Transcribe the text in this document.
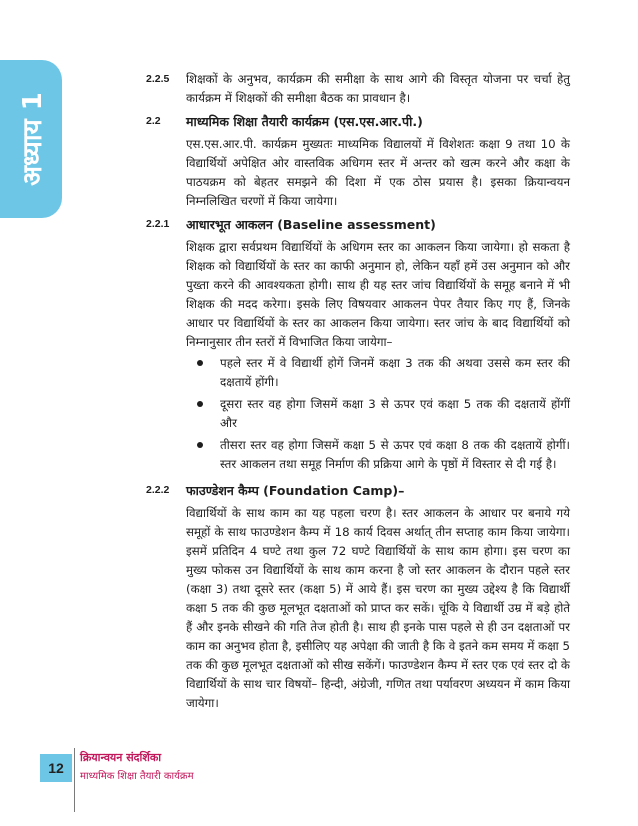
अध्याय 1
2.2.5 शिक्षकों के अनुभव, कार्यक्रम की समीक्षा के साथ आगे की विस्तृत योजना पर चर्चा हेतु कार्यक्रम में शिक्षकों की समीक्षा बैठक का प्रावधान है।

2.2 माध्यमिक शिक्षा तैयारी कार्यक्रम (एस.एस.आर.पी.)

एस.एस.आर.पी. कार्यक्रम मुख्यतः माध्यमिक विद्यालयों में विशेशतः कक्षा 9 तथा 10 के विद्यार्थियों अपेक्षित ओर वास्तविक अधिगम स्तर में अन्तर को खत्म करने और कक्षा के पाठयक्रम को बेहतर समझने की दिशा में एक ठोस प्रयास है। इसका क्रियान्वयन निम्नलिखित चरणों में किया जायेगा।

2.2.1 आधारभूत आकलन (Baseline assessment)

शिक्षक द्वारा सर्वप्रथम विद्यार्थियों के अधिगम स्तर का आकलन किया जायेगा। हो सकता है शिक्षक को विद्यार्थियों के स्तर का काफी अनुमान हो, लेकिन यहाँ हमें उस अनुमान को और पुख्ता करने की आवश्यकता होगी। साथ ही यह स्तर जांच विद्यार्थियों के समूह बनाने में भी शिक्षक की मदद करेगा। इसके लिए विषयवार आकलन पेपर तैयार किए गए हैं, जिनके आधार पर विद्यार्थियों के स्तर का आकलन किया जायेगा। स्तर जांच के बाद विद्यार्थियों को निम्नानुसार तीन स्तरों में विभाजित किया जायेगा–

पहले स्तर में वे विद्यार्थी होगें जिनमें कक्षा 3 तक की अथवा उससे कम स्तर की दक्षतायें होंगी।
दूसरा स्तर वह होगा जिसमें कक्षा 3 से ऊपर एवं कक्षा 5 तक की दक्षतायें होंगीं और
तीसरा स्तर वह होगा जिसमें कक्षा 5 से ऊपर एवं कक्षा 8 तक की दक्षतायें होगीं। स्तर आकलन तथा समूह निर्माण की प्रक्रिया आगे के पृष्ठों में विस्तार से दी गई है।
2.2.2 फाउण्डेशन कैम्प (Foundation Camp)–

विद्यार्थियों के साथ काम का यह पहला चरण है। स्तर आकलन के आधार पर बनाये गये समूहों के साथ फाउण्डेशन कैम्प में 18 कार्य दिवस अर्थात् तीन सप्ताह काम किया जायेगा। इसमें प्रतिदिन 4 घण्टे तथा कुल 72 घण्टे विद्यार्थियों के साथ काम होगा। इस चरण का मुख्य फोकस उन विद्यार्थियों के साथ काम करना है जो स्तर आकलन के दौरान पहले स्तर (कक्षा 3) तथा दूसरे स्तर (कक्षा 5) में आये हैं। इस चरण का मुख्य उद्देश्य है कि विद्यार्थी कक्षा 5 तक की कुछ मूलभूत दक्षताओं को प्राप्त कर सकें। चूंकि ये विद्यार्थी उम्र में बड़े होते हैं और इनके सीखने की गति तेज होती है। साथ ही इनके पास पहले से ही उन दक्षताओं पर काम का अनुभव होता है, इसीलिए यह अपेक्षा की जाती है कि वे इतने कम समय में कक्षा 5 तक की कुछ मूलभूत दक्षताओं को सीख सकेंगें। फाउण्डेशन कैम्प में स्तर एक एवं स्तर दो के विद्यार्थियों के साथ चार विषयों– हिन्दी, अंग्रेजी, गणित तथा पर्यावरण अध्ययन में काम किया जायेगा।

12
क्रियान्वयन संदर्शिका
माध्यमिक शिक्षा तैयारी कार्यक्रम
